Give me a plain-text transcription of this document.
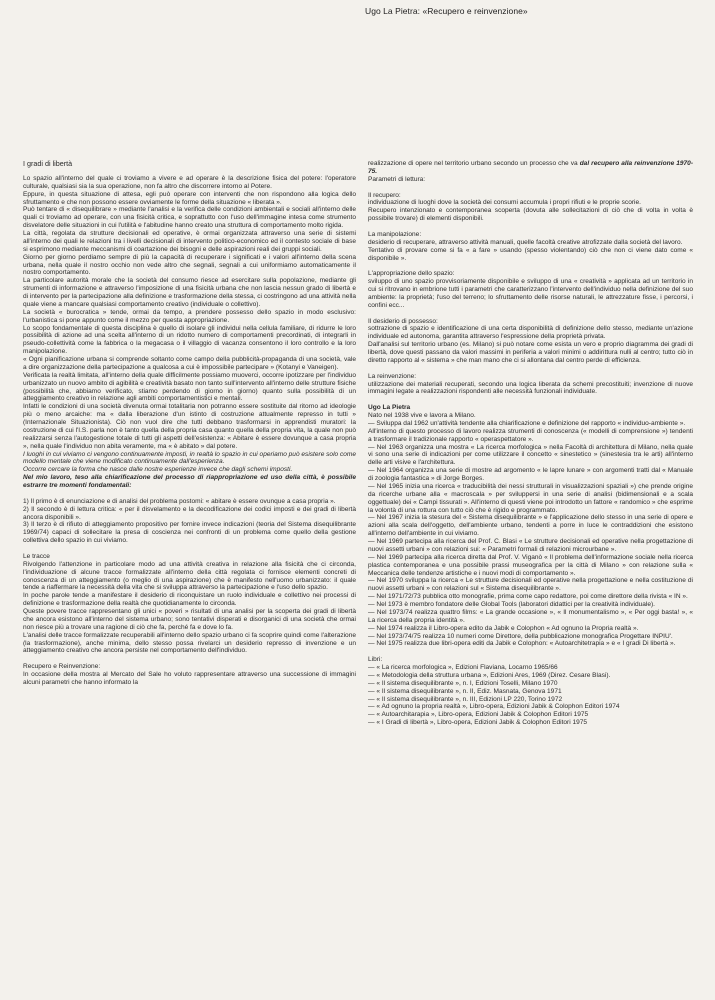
Ugo La Pietra: «Recupero e reinvenzione»

I gradi di libertà

Lo spazio all'interno del quale ci troviamo a vivere e ad operare è la descrizione fisica del potere: l'operatore culturale, qualsiasi sia la sua operazione, non fa altro che discorrere intorno al Potere.

Eppure, in questa situazione di attesa, egli può operare con interventi che non rispondono alla logica dello sfruttamento e che non possono essere ovviamente le forme della situazione « liberata ».

Può tentare di « disequilibrare » mediante l'analisi e la verifica delle condizioni ambientali e sociali all'interno delle quali ci troviamo ad operare, con una fisicità critica, e soprattutto con l'uso dell'immagine intesa come strumento disvelatore delle situazioni in cui l'utilità e l'abitudine hanno creato una struttura di comportamento molto rigida.

La città, regolata da strutture decisionali ed operative, è ormai organizzata attraverso una serie di sistemi all'interno dei quali le relazioni tra i livelli decisionali di intervento politico-economico ed il contesto sociale di base si esprimono mediante meccanismi di coartazione dei bisogni e delle aspirazioni reali dei gruppi sociali.

Giorno per giorno perdiamo sempre di più la capacità di recuperare i significati e i valori all'interno della scena urbana, nella quale il nostro occhio non vede altro che segnali, segnali a cui uniformiamo automaticamente il nostro comportamento.

La particolare autorità morale che la società del consumo riesce ad esercitare sulla popolazione, mediante gli strumenti di informazione e attraverso l'imposizione di una fisicità urbana che non lascia nessun grado di libertà e di intervento per la partecipazione alla definizione e trasformazione della stessa, ci costringono ad una attività nella quale viene a mancare qualsiasi comportamento creativo (individuale o collettivo).

La società « burocratica » tende, ormai da tempo, a prendere possesso dello spazio in modo esclusivo: l'urbanistica si pone appunto come il mezzo per questa appropriazione.

Lo scopo fondamentale di questa disciplina è quello di isolare gli individui nella cellula familiare, di ridurre le loro possibilità di azione ad una scelta all'interno di un ridotto numero di comportamenti precordinati, di integrarli in pseudo-collettività come la fabbrica o la megacasa o il villaggio di vacanza consentono il loro controllo e la loro manipolazione.

« Ogni pianificazione urbana si comprende soltanto come campo della pubblicità-propaganda di una società, vale a dire organizzazione della partecipazione a qualcosa a cui è impossibile partecipare » (Kotanyi e Vaneigen).

Verificata la realtà limitata, all'interno della quale difficilmente possiamo muoverci, occorre ipotizzare per l'individuo urbanizzato un nuovo ambito di agibilità e creatività basato non tanto sull'intervento all'interno delle strutture fisiche (possibilità che, abbiamo verificato, stiamo perdendo di giorno in giorno) quanto sulla possibilità di un atteggiamento creativo in relazione agli ambiti comportamentistici e mentali.

Infatti le condizioni di una società divenuta ormai totalitaria non potranno essere sostituite dal ritorno ad ideologie più o meno arcaiche: ma « dalla liberazione d'un istinto di costruzione attualmente represso in tutti » (Internazionale Situazionista). Ciò non vuol dire che tutti debbano trasformarsi in apprendisti muratori: la costruzione di cui l'I.S. parla non è tanto quella della propria casa quanto quella della propria vita, la quale non può realizzarsi senza l'autogestione totale di tutti gli aspetti dell'esistenza: « Abitare è essere dovunque a casa propria », nella quale l'individuo non abita veramente, ma « è abitato » dal potere.

I luoghi in cui viviamo ci vengono continuamente imposti, in realtà lo spazio in cui operiamo può esistere solo come modello mentale che viene modificato continuamente dall'esperienza.

Occorre cercare la forma che nasce dalle nostre esperienze invece che dagli schemi imposti.

Nel mio lavoro, teso alla chiarificazione del processo di riappropriazione ed uso della città, è possibile estrarre tre momenti fondamentali:

1) Il primo è di enunciazione e di analisi del problema postomi: « abitare è essere ovunque a casa propria ».

2) Il secondo è di lettura critica: « per il disvelamento e la decodificazione dei codici imposti e dei gradi di libertà ancora disponibili ».

3) Il terzo è di rifiuto di atteggiamento propositivo per fornire invece indicazioni (teoria del Sistema disequilibrante 1969/74) capaci di sollecitare la presa di coscienza nei confronti di un problema come quello della gestione collettiva dello spazio in cui viviamo.

Le tracce

Rivolgendo l'attenzione in particolare modo ad una attività creativa in relazione alla fisicità che ci circonda, l'individuazione di alcune tracce formalizzate all'interno della città regolata ci fornisce elementi concreti di conoscenza di un atteggiamento (o meglio di una aspirazione) che è manifesto nell'uomo urbanizzato: il quale tende a riaffermare la necessità della vita che si sviluppa attraverso la partecipazione e l'uso dello spazio.

In poche parole tende a manifestare il desiderio di riconquistare un ruolo individuale e collettivo nei processi di definizione e trasformazione della realtà che quotidianamente lo circonda.

Queste povere tracce rappresentano gli unici « poveri » risultati di una analisi per la scoperta dei gradi di libertà che ancora esistono all'interno del sistema urbano; sono tentativi disperati e disorganici di una società che ormai non riesce più a trovare una ragione di ciò che fa, perché fa e dove lo fa.

L'analisi delle tracce formalizzate recuperabili all'interno dello spazio urbano ci fa scoprire quindi come l'alterazione (la trasformazione), anche minima, dello stesso possa rivelarci un desiderio represso di invenzione e un atteggiamento creativo che ancora persiste nel comportamento dell'individuo.

Recupero e Reinvenzione:

In occasione della mostra al Mercato del Sale ho voluto rappresentare attraverso una successione di immagini alcuni parametri che hanno informato la

realizzazione di opere nel territorio urbano secondo un processo che va dal recupero alla reinvenzione 1970-75.

Parametri di lettura:

Il recupero:

individuazione di luoghi dove la società dei consumi accumula i propri rifiuti e le proprie scorie.

Recupero intenzionato e contemporanea scoperta (dovuta alle sollecitazioni di ciò che di volta in volta è possibile trovare) di elementi disponibili.

La manipolazione:

desiderio di recuperare, attraverso attività manuali, quelle facoltà creative atrofizzate dalla società del lavoro.

Tentativo di provare come si fa « a fare » usando (spesso violentando) ciò che non ci viene dato come « disponibile ».

L'appropriazione dello spazio:

sviluppo di uno spazio provvisoriamente disponibile e sviluppo di una « creatività » applicata ad un territorio in cui si ritrovano in embrione tutti i parametri che caratterizzano l'intervento dell'individuo nella definizione del suo ambiente: la proprietà; l'uso del terreno; lo sfruttamento delle risorse naturali, le attrezzature fisse, i percorsi, i confini ecc...

Il desiderio di possesso:

sottrazione di spazio e identificazione di una certa disponibilità di definizione dello stesso, mediante un'azione individuale ed autonoma, garantita attraverso l'espressione della proprietà privata.

Dall'analisi sul territorio urbano (es. Milano) si può notare come esista un vero e proprio diagramma dei gradi di libertà, dove questi passano da valori massimi in periferia a valori minimi o addirittura nulli al centro; tutto ciò in diretto rapporto al « sistema » che man mano che ci si allontana dal centro perde di efficienza.

La reinvenzione:

utilizzazione dei materiali recuperati, secondo una logica liberata da schemi precostituiti; invenzione di nuove immagini legate a realizzazioni rispondenti alle necessità funzionali individuate.

Ugo La Pietra

Nato nel 1938 vive e lavora a Milano.

— Sviluppa dal 1962 un'attività tendente alla chiarificazione e definizione del rapporto « individuo-ambiente ».

All'interno di questo processo di lavoro realizza strumenti di conoscenza (« modelli di comprensione ») tendenti a trasformare il tradizionale rapporto « operaspettatore ».

— Nel 1963 organizza una mostra « La ricerca morfologica » nella Facoltà di architettura di Milano, nella quale vi sono una serie di indicazioni per come utilizzare il concetto « sinestetico » (sinestesia tra le arti) all'interno delle arti visive e l'architettura.

— Nel 1964 organizza una serie di mostre ad argomento « le lapre lunare » con argomenti tratti dal « Manuale di zoologia fantastica » di Jorge Borges.

— Nel 1965 inizia una ricerca « traducibilità dei nessi strutturali in visualizzazioni spaziali ») che prende origine da ricerche urbane alla « macroscala » per sviluppersi in una serie di analisi (bidimensionali e a scala oggettuale) dei « Campi tissurati ». All'interno di questi viene poi introdotto un fattore « randomico » che esprime la volontà di una rottura con tutto ciò che è rigido e programmato.

— Nel 1967 inizia la stesura del « Sistema disequilibrante » e l'applicazione dello stesso in una serie di opere e azioni alla scala dell'oggetto, dell'ambiente urbano, tendenti a porre in luce le contraddizioni che esistono all'interno dell'ambiente in cui viviamo.

— Nel 1969 partecipa alla ricerca del Prof. C. Blasi « Le strutture decisionali ed operative nella progettazione di nuovi assetti urbani » con relazioni sui: « Parametri formali di relazioni microurbane ».

— Nel 1969 partecipa alla ricerca diretta dal Prof. V. Viganò « Il problema dell'informazione sociale nella ricerca plastica contemporanea e una possibile prassi museografica per la città di Milano » con relazione sulla « Meccanica delle tendenze artistiche e i nuovi modi di comportamento ».

— Nel 1970 sviluppa la ricerca « Le strutture decisionali ed operative nella progettazione e nella costituzione di nuovi assetti urbani » con relazioni sul « Sistema disequilibrante ».

— Nel 1971/72/73 pubblica otto monografie, prima come capo redattore, poi come direttore della rivista « IN ».

— Nel 1973 è membro fondatore delle Global Tools (laboratori didattici per la creatività individuale).

— Nel 1973/74 realizza quattro films: « La grande occasione », « Il monumentalismo », « Per oggi basta! », « La ricerca della propria identità ».

— Nel 1974 realizza il Libro-opera edito da Jabik e Colophon « Ad ognuno la Propria realtà ».

— Nel 1973/74/75 realizza 10 numeri come Direttore, della pubblicazione monografica Progettare INPIU'.

— Nel 1975 realizza due libri-opera editi da Jabik e Colophon: « Autoarchitetrapia » e « I gradi Di libertà ».

Libri:

— « La ricerca morfologica », Edizioni Flaviana, Locarno 1965/66

— « Metodologia della struttura urbana », Edizioni Ares, 1969 (Direz. Cesare Blasi).

— « Il sistema disequilibrante », n. I, Edizioni Toselli, Milano 1970

— « Il sistema disequilibrante », n. II, Ediz. Masnata, Genova 1971

— « Il sistema disequilibrante », n. III, Edizioni LP 220, Torino 1972

— « Ad ognuno la propria realtà », Libro-opera, Edizioni Jabik & Colophon Editori 1974

— « Autoarchitarapia », Libro-opera, Edizioni Jabik & Colophon Editori 1975

— « I Gradi di libertà », Libro-opera, Edizioni Jabik & Colophon Editori 1975
